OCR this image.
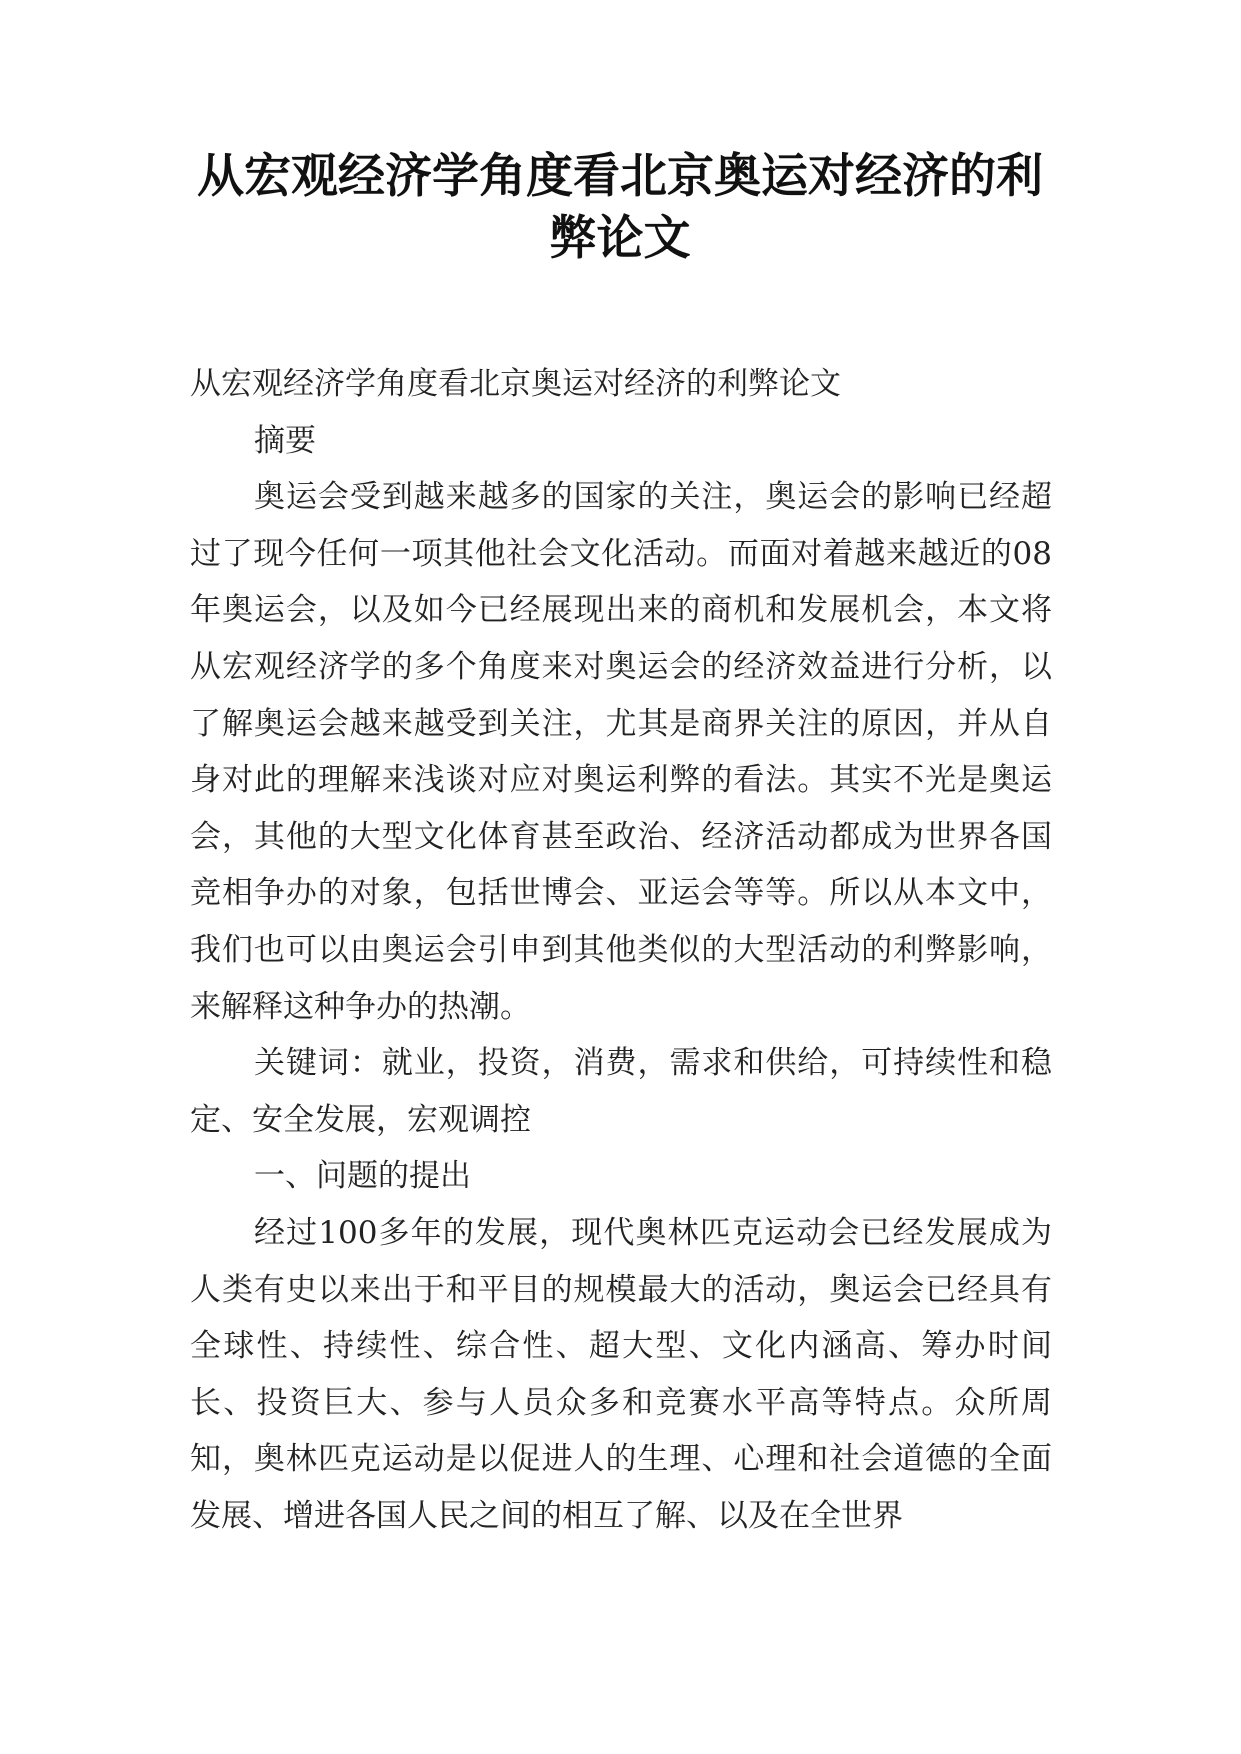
从宏观经济学角度看北京奥运对经济的利弊论文

从宏观经济学角度看北京奥运对经济的利弊论文

摘要

奥运会受到越来越多的国家的关注，奥运会的影响已经超过了现今任何一项其他社会文化活动。而面对着越来越近的08年奥运会，以及如今已经展现出来的商机和发展机会，本文将从宏观经济学的多个角度来对奥运会的经济效益进行分析，以了解奥运会越来越受到关注，尤其是商界关注的原因，并从自身对此的理解来浅谈对应对奥运利弊的看法。其实不光是奥运会，其他的大型文化体育甚至政治、经济活动都成为世界各国竞相争办的对象，包括世博会、亚运会等等。所以从本文中，我们也可以由奥运会引申到其他类似的大型活动的利弊影响，来解释这种争办的热潮。

关键词：就业，投资，消费，需求和供给，可持续性和稳定、安全发展，宏观调控

一、问题的提出

经过100多年的发展，现代奥林匹克运动会已经发展成为人类有史以来出于和平目的规模最大的活动，奥运会已经具有全球性、持续性、综合性、超大型、文化内涵高、筹办时间长、投资巨大、参与人员众多和竞赛水平高等特点。众所周知，奥林匹克运动是以促进人的生理、心理和社会道德的全面发展、增进各国人民之间的相互了解、以及在全世界
